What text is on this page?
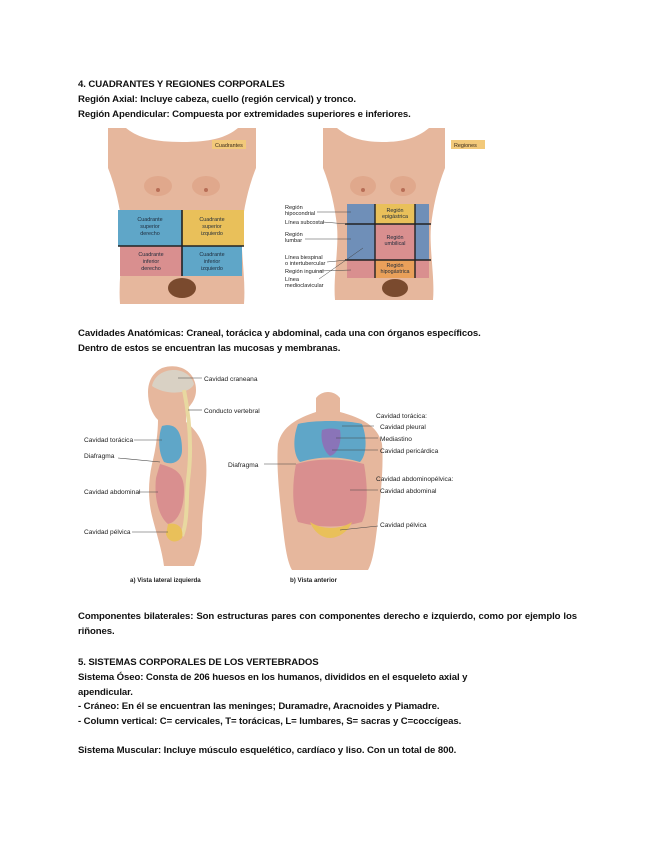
4. CUADRANTES Y REGIONES CORPORALES
Región Axial: Incluye cabeza, cuello (región cervical) y tronco.
Región Apendicular: Compuesta por extremidades superiores e inferiores.
Cuadrantes
Cuadrante
superior
derecho
Cuadrante
superior
izquierdo
Cuadrante
inferior
derecho
Cuadrante
inferior
izquierdo
Regiones
Región
epigástrica
Región
umbilical
Región
hipogástrica
Región
hipocondrial
Línea subcostal
Región
lumbar
Línea biespinal
o intertubercular
Región inguinal
Línea
medioclavicular
Cavidades Anatómicas: Craneal, torácica y abdominal, cada una con órganos específicos.
Dentro de estos se encuentran las mucosas y membranas.
Cavidad craneana
Conducto vertebral
Cavidad torácica
Diafragma
Cavidad abdominal
Cavidad pélvica
a) Vista lateral izquierda
Cavidad torácica:
Cavidad pleural
Mediastino
Cavidad pericárdica
Cavidad abdominopélvica:
Cavidad abdominal
Diafragma
Cavidad pélvica
b) Vista anterior
Componentes bilaterales: Son estructuras pares con componentes derecho e izquierdo, como por ejemplo los riñones.
5. SISTEMAS CORPORALES DE LOS VERTEBRADOS
Sistema Óseo: Consta de 206 huesos en los humanos, divididos en el esqueleto axial y
apendicular.
- Cráneo: En él se encuentran las meninges; Duramadre, Aracnoides y Piamadre.
- Column vertical: C= cervicales, T= torácicas, L= lumbares, S= sacras y C=coccígeas.
Sistema Muscular: Incluye músculo esquelético, cardíaco y liso. Con un total de 800.
